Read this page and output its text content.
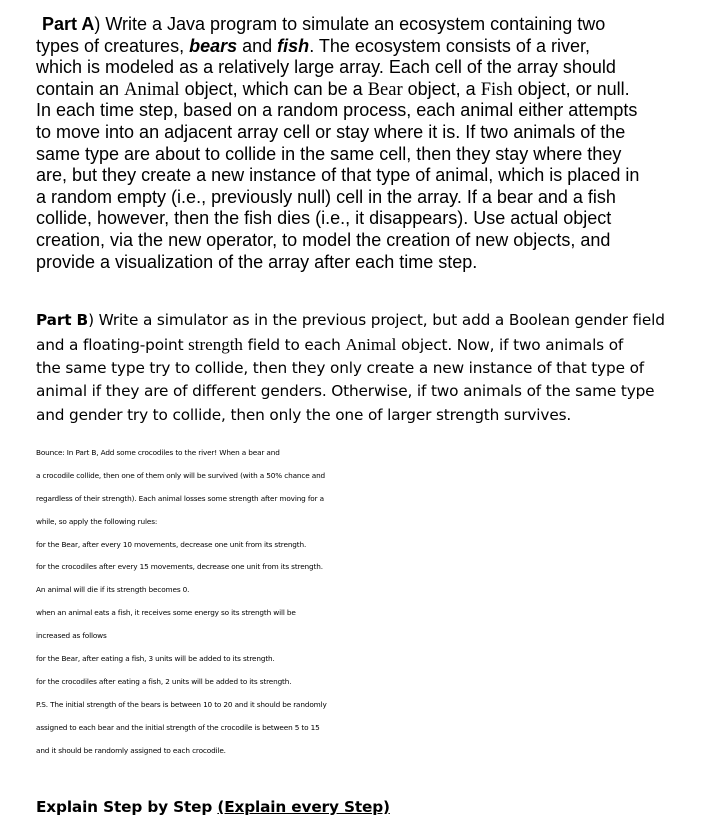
Part A) Write a Java program to simulate an ecosystem containing two
types of creatures, bears and fish. The ecosystem consists of a river,
which is modeled as a relatively large array. Each cell of the array should
contain an Animal object, which can be a Bear object, a Fish object, or null.
In each time step, based on a random process, each animal either attempts
to move into an adjacent array cell or stay where it is. If two animals of the
same type are about to collide in the same cell, then they stay where they
are, but they create a new instance of that type of animal, which is placed in
a random empty (i.e., previously null) cell in the array. If a bear and a fish
collide, however, then the fish dies (i.e., it disappears). Use actual object
creation, via the new operator, to model the creation of new objects, and
provide a visualization of the array after each time step.
Part B) Write a simulator as in the previous project, but add a Boolean gender field
and a floating-point strength field to each Animal object. Now, if two animals of
the same type try to collide, then they only create a new instance of that type of
animal if they are of different genders. Otherwise, if two animals of the same type
and gender try to collide, then only the one of larger strength survives.
Bounce: In Part B, Add some crocodiles to the river! When a bear and
a crocodile collide, then one of them only will be survived (with a 50% chance and
regardless of their strength). Each animal losses some strength after moving for a
while, so apply the following rules:
for the Bear, after every 10 movements, decrease one unit from its strength.
for the crocodiles after every 15 movements, decrease one unit from its strength.
An animal will die if its strength becomes 0.
when an animal eats a fish, it receives some energy so its strength will be
increased as follows
for the Bear, after eating a fish, 3 units will be added to its strength.
for the crocodiles after eating a fish, 2 units will be added to its strength.
P.S. The initial strength of the bears is between 10 to 20 and it should be randomly
assigned to each bear and the initial strength of the crocodile is between 5 to 15
and it should be randomly assigned to each crocodile.
Explain Step by Step (Explain every Step)
